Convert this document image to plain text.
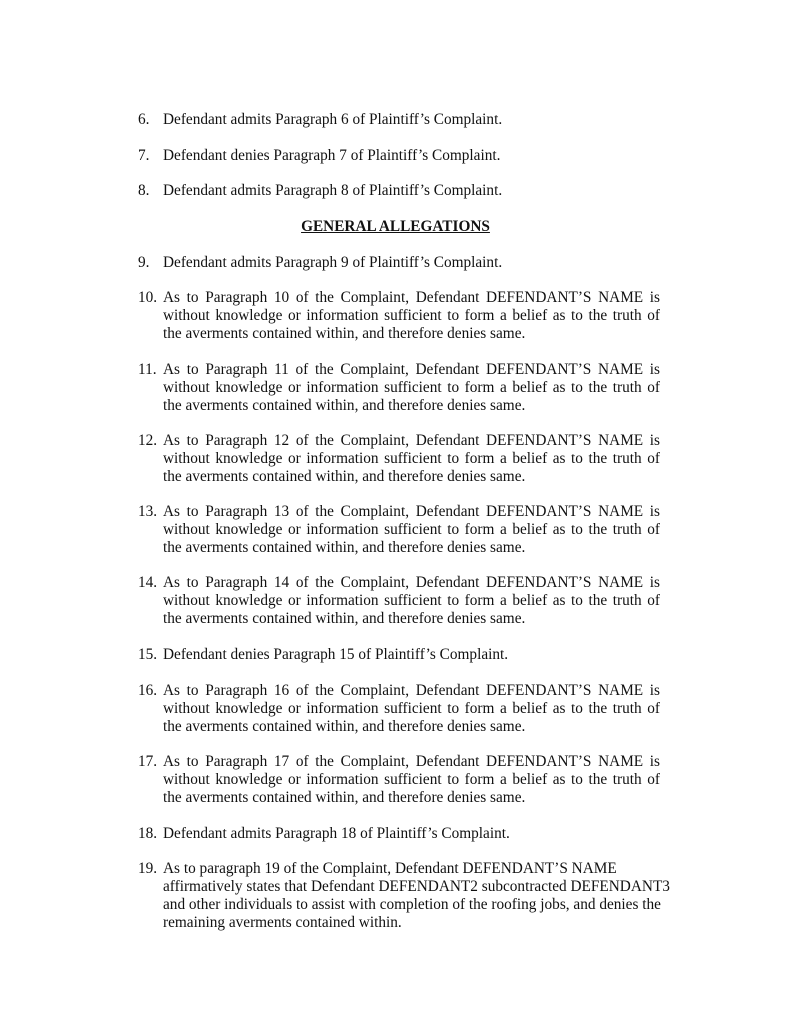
6. Defendant admits Paragraph 6 of Plaintiff’s Complaint.
7. Defendant denies Paragraph 7 of Plaintiff’s Complaint.
8. Defendant admits Paragraph 8 of Plaintiff’s Complaint.
GENERAL ALLEGATIONS
9. Defendant admits Paragraph 9 of Plaintiff’s Complaint.
10. As to Paragraph 10 of the Complaint, Defendant DEFENDANT’S NAME is
without knowledge or information sufficient to form a belief as to the truth of
the averments contained within, and therefore denies same.
11. As to Paragraph 11 of the Complaint, Defendant DEFENDANT’S NAME is
without knowledge or information sufficient to form a belief as to the truth of
the averments contained within, and therefore denies same.
12. As to Paragraph 12 of the Complaint, Defendant DEFENDANT’S NAME is
without knowledge or information sufficient to form a belief as to the truth of
the averments contained within, and therefore denies same.
13. As to Paragraph 13 of the Complaint, Defendant DEFENDANT’S NAME is
without knowledge or information sufficient to form a belief as to the truth of
the averments contained within, and therefore denies same.
14. As to Paragraph 14 of the Complaint, Defendant DEFENDANT’S NAME is
without knowledge or information sufficient to form a belief as to the truth of
the averments contained within, and therefore denies same.
15. Defendant denies Paragraph 15 of Plaintiff’s Complaint.
16. As to Paragraph 16 of the Complaint, Defendant DEFENDANT’S NAME is
without knowledge or information sufficient to form a belief as to the truth of
the averments contained within, and therefore denies same.
17. As to Paragraph 17 of the Complaint, Defendant DEFENDANT’S NAME is
without knowledge or information sufficient to form a belief as to the truth of
the averments contained within, and therefore denies same.
18. Defendant admits Paragraph 18 of Plaintiff’s Complaint.
19. As to paragraph 19 of the Complaint, Defendant DEFENDANT’S NAME
affirmatively states that Defendant DEFENDANT2 subcontracted DEFENDANT3
and other individuals to assist with completion of the roofing jobs, and denies the
remaining averments contained within.
